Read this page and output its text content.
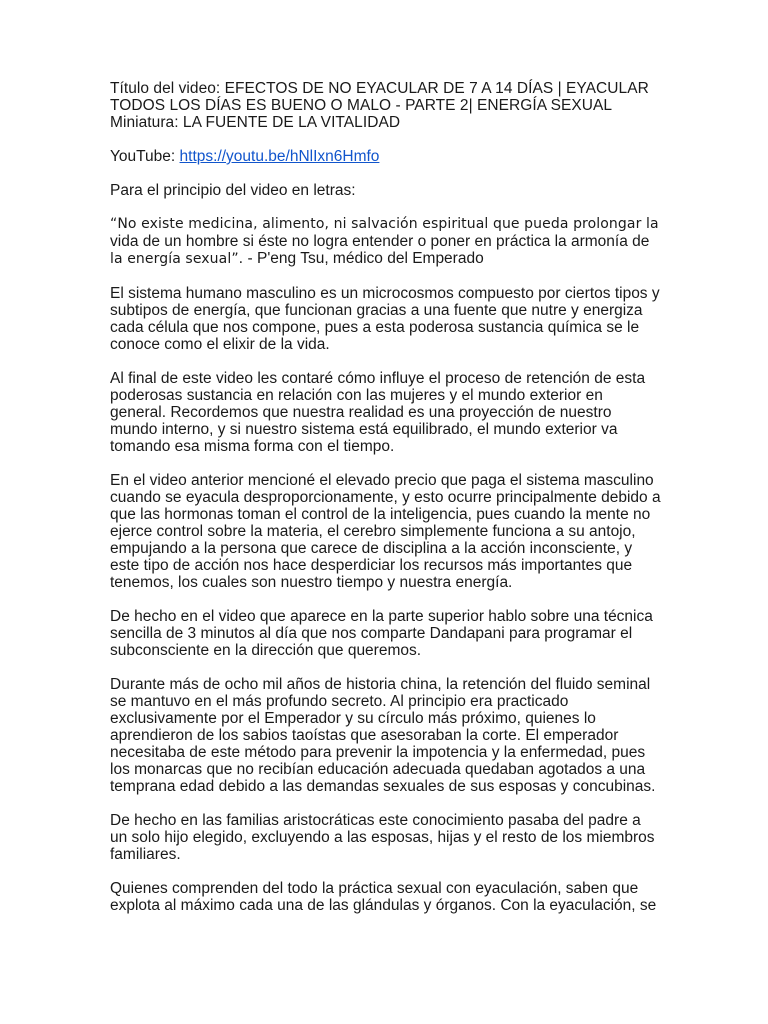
Título del video: EFECTOS DE NO EYACULAR DE 7 A 14 DÍAS | EYACULAR
TODOS LOS DÍAS ES BUENO O MALO - PARTE 2| ENERGÍA SEXUAL
Miniatura: LA FUENTE DE LA VITALIDAD

YouTube: https://youtu.be/hNlIxn6Hmfo

Para el principio del video en letras:

“No existe medicina, alimento, ni salvación espiritual que pueda prolongar la
vida de un hombre si éste no logra entender o poner en práctica la armonía de
la energía sexual”. - P'eng Tsu, médico del Emperado

El sistema humano masculino es un microcosmos compuesto por ciertos tipos y subtipos de energía, que funcionan gracias a una fuente que nutre y energiza cada célula que nos compone, pues a esta poderosa sustancia química se le conoce como el elixir de la vida.

Al final de este video les contaré cómo influye el proceso de retención de esta poderosas sustancia en relación con las mujeres y el mundo exterior en general. Recordemos que nuestra realidad es una proyección de nuestro mundo interno, y si nuestro sistema está equilibrado, el mundo exterior va tomando esa misma forma con el tiempo.

En el video anterior mencioné el elevado precio que paga el sistema masculino cuando se eyacula desproporcionamente, y esto ocurre principalmente debido a que las hormonas toman el control de la inteligencia, pues cuando la mente no ejerce control sobre la materia, el cerebro simplemente funciona a su antojo, empujando a la persona que carece de disciplina a la acción inconsciente, y este tipo de acción nos hace desperdiciar los recursos más importantes que tenemos, los cuales son nuestro tiempo y nuestra energía.

De hecho en el video que aparece en la parte superior hablo sobre una técnica sencilla de 3 minutos al día que nos comparte Dandapani para programar el subconsciente en la dirección que queremos.

Durante más de ocho mil años de historia china, la retención del fluido seminal se mantuvo en el más profundo secreto. Al principio era practicado exclusivamente por el Emperador y su círculo más próximo, quienes lo aprendieron de los sabios taoístas que asesoraban la corte. El emperador necesitaba de este método para prevenir la impotencia y la enfermedad, pues los monarcas que no recibían educación adecuada quedaban agotados a una temprana edad debido a las demandas sexuales de sus esposas y concubinas.

De hecho en las familias aristocráticas este conocimiento pasaba del padre a un solo hijo elegido, excluyendo a las esposas, hijas y el resto de los miembros familiares.

Quienes comprenden del todo la práctica sexual con eyaculación, saben que
explota al máximo cada una de las glándulas y órganos. Con la eyaculación, se
